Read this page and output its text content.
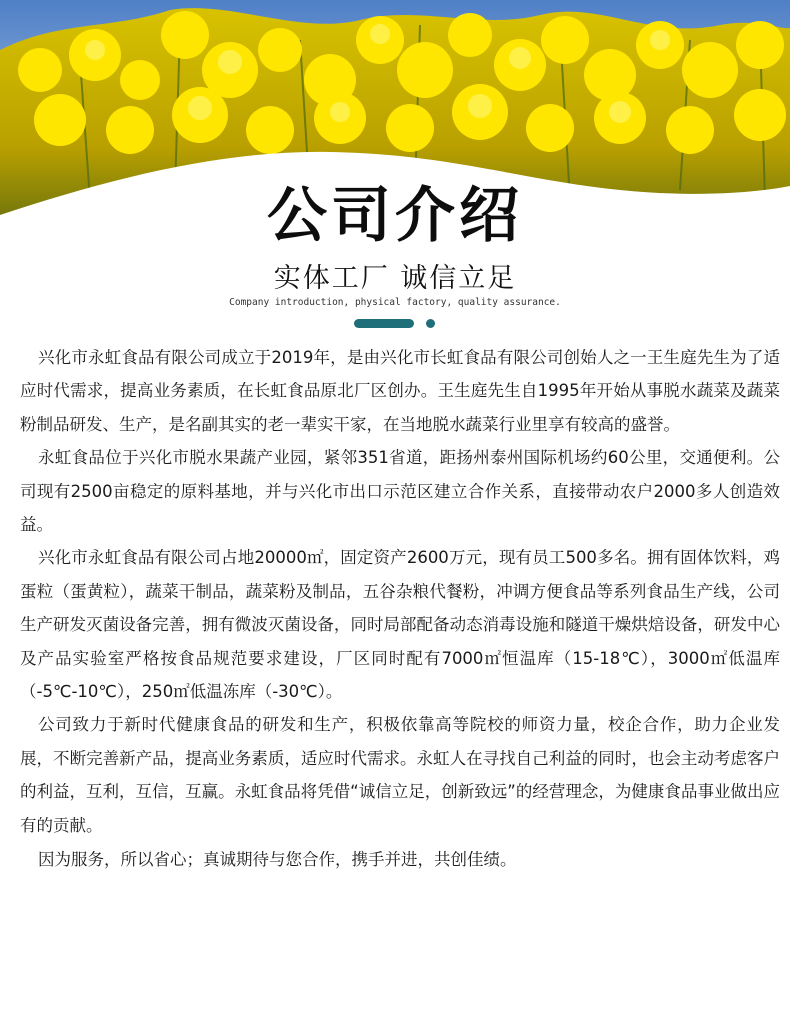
公司介绍
实体工厂 诚信立足
Company introduction, physical factory, quality assurance.

兴化市永虹食品有限公司成立于2019年，是由兴化市长虹食品有限公司创始人之一王生庭先生为了适应时代需求，提高业务素质，在长虹食品原北厂区创办。王生庭先生自1995年开始从事脱水蔬菜及蔬菜粉制品研发、生产，是名副其实的老一辈实干家，在当地脱水蔬菜行业里享有较高的盛誉。

永虹食品位于兴化市脱水果蔬产业园，紧邻351省道，距扬州泰州国际机场约60公里，交通便利。公司现有2500亩稳定的原料基地，并与兴化市出口示范区建立合作关系，直接带动农户2000多人创造效益。

兴化市永虹食品有限公司占地20000㎡，固定资产2600万元，现有员工500多名。拥有固体饮料，鸡蛋粒（蛋黄粒），蔬菜干制品，蔬菜粉及制品，五谷杂粮代餐粉，冲调方便食品等系列食品生产线，公司生产研发灭菌设备完善，拥有微波灭菌设备，同时局部配备动态消毒设施和隧道干燥烘焙设备，研发中心及产品实验室严格按食品规范要求建设，厂区同时配有7000㎡恒温库（15-18℃），3000㎡低温库（-5℃-10℃），250㎡低温冻库（-30℃）。

公司致力于新时代健康食品的研发和生产，积极依靠高等院校的师资力量，校企合作，助力企业发展，不断完善新产品，提高业务素质，适应时代需求。永虹人在寻找自己利益的同时，也会主动考虑客户的利益，互利，互信，互赢。永虹食品将凭借“诚信立足，创新致远”的经营理念，为健康食品事业做出应有的贡献。

因为服务，所以省心；真诚期待与您合作，携手并进，共创佳绩。
